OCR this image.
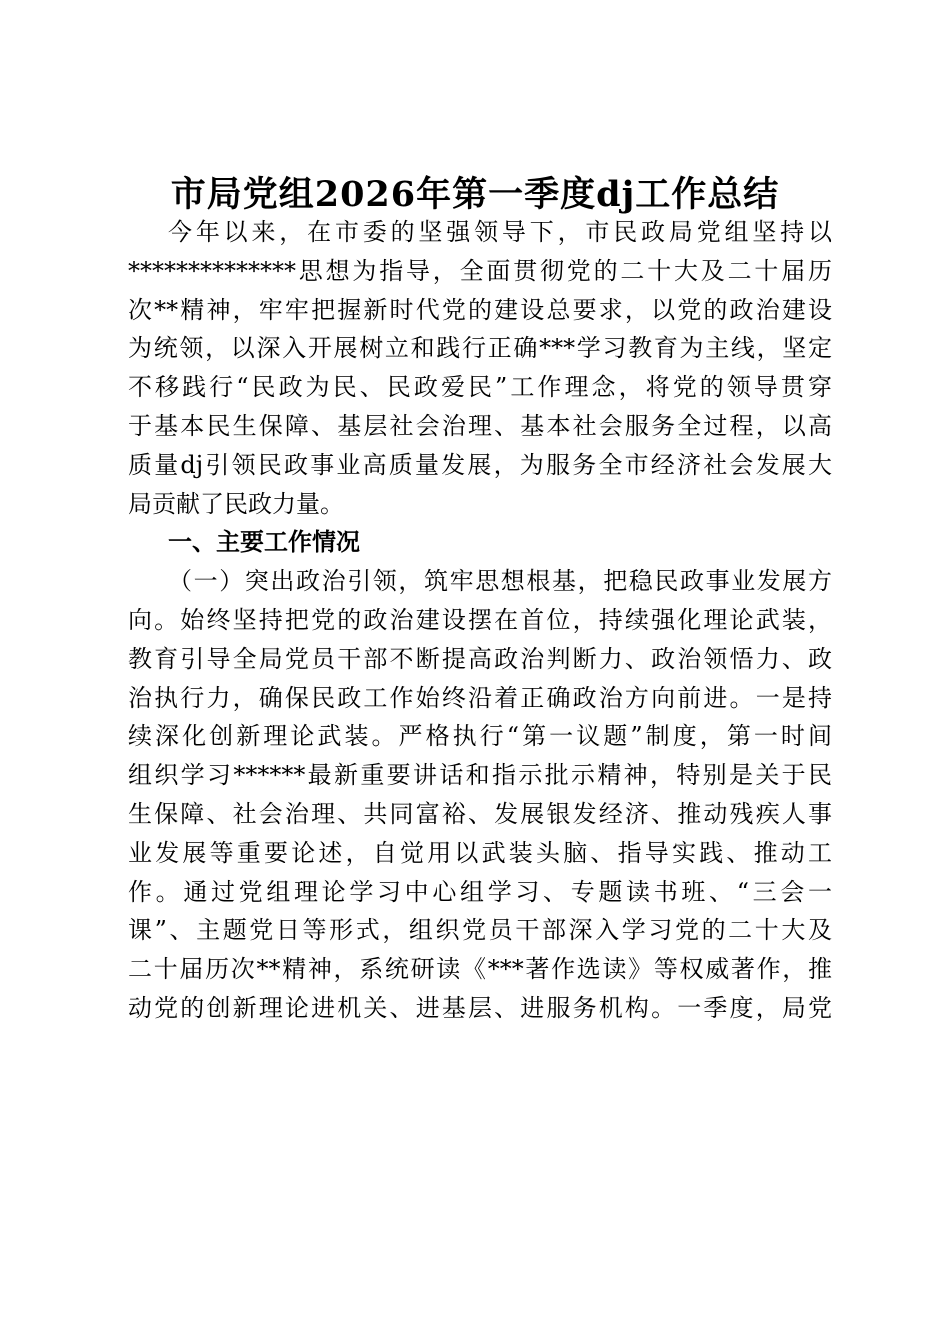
市局党组2026年第一季度dj工作总结
今年以来，在市委的坚强领导下，市民政局党组坚持以
**************思想为指导，全面贯彻党的二十大及二十届历
次**精神，牢牢把握新时代党的建设总要求，以党的政治建设
为统领，以深入开展树立和践行正确***学习教育为主线，坚定
不移践行“民政为民、民政爱民”工作理念，将党的领导贯穿
于基本民生保障、基层社会治理、基本社会服务全过程，以高
质量dj引领民政事业高质量发展，为服务全市经济社会发展大
局贡献了民政力量。
一、主要工作情况
（一）突出政治引领，筑牢思想根基，把稳民政事业发展方
向。始终坚持把党的政治建设摆在首位，持续强化理论武装，
教育引导全局党员干部不断提高政治判断力、政治领悟力、政
治执行力，确保民政工作始终沿着正确政治方向前进。一是持
续深化创新理论武装。严格执行“第一议题”制度，第一时间
组织学习******最新重要讲话和指示批示精神，特别是关于民
生保障、社会治理、共同富裕、发展银发经济、推动残疾人事
业发展等重要论述，自觉用以武装头脑、指导实践、推动工
作。通过党组理论学习中心组学习、专题读书班、“三会一
课”、主题党日等形式，组织党员干部深入学习党的二十大及
二十届历次**精神，系统研读《***著作选读》等权威著作，推
动党的创新理论进机关、进基层、进服务机构。一季度，局党
